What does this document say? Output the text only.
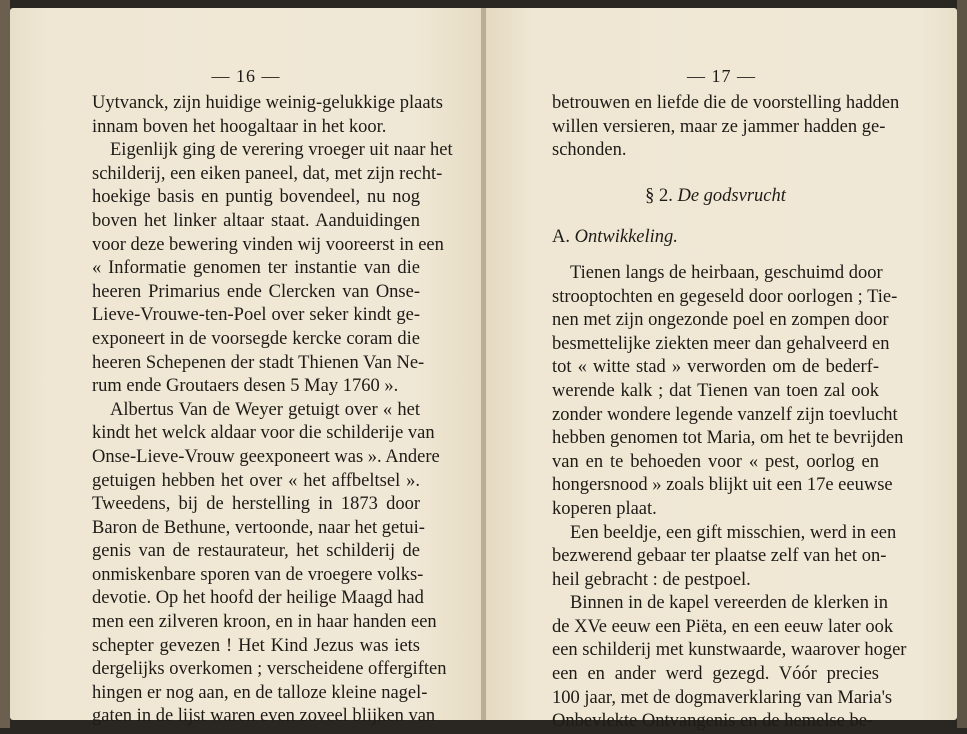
— 16 —

Uytvanck, zijn huidige weinig-gelukkige plaats
innam boven het hoogaltaar in het koor.

Eigenlijk ging de verering vroeger uit naar het
schilderij, een eiken paneel, dat, met zijn recht-
hoekige basis en puntig bovendeel, nu nog
boven het linker altaar staat. Aanduidingen
voor deze bewering vinden wij vooreerst in een
« Informatie genomen ter instantie van die
heeren Primarius ende Clercken van Onse-
Lieve-Vrouwe-ten-Poel over seker kindt ge-
exponeert in de voorsegde kercke coram die
heeren Schepenen der stadt Thienen Van Ne-
rum ende Groutaers desen 5 May 1760 ».

Albertus Van de Weyer getuigt over « het
kindt het welck aldaar voor die schilderije van
Onse-Lieve-Vrouw geexponeert was ». Andere
getuigen hebben het over « het affbeltsel ».
Tweedens, bij de herstelling in 1873 door
Baron de Bethune, vertoonde, naar het getui-
genis van de restaurateur, het schilderij de
onmiskenbare sporen van de vroegere volks-
devotie. Op het hoofd der heilige Maagd had
men een zilveren kroon, en in haar handen een
schepter gevezen ! Het Kind Jezus was iets
dergelijks overkomen ; verscheidene offergiften
hingen er nog aan, en de talloze kleine nagel-
gaten in de lijst waren even zoveel blijken van

— 17 —

betrouwen en liefde die de voorstelling hadden
willen versieren, maar ze jammer hadden ge-
schonden.

§ 2. De godsvrucht
A. Ontwikkeling.

Tienen langs de heirbaan, geschuimd door
strooptochten en gegeseld door oorlogen ; Tie-
nen met zijn ongezonde poel en zompen door
besmettelijke ziekten meer dan gehalveerd en
tot « witte stad » verworden om de bederf-
werende kalk ; dat Tienen van toen zal ook
zonder wondere legende vanzelf zijn toevlucht
hebben genomen tot Maria, om het te bevrijden
van en te behoeden voor « pest, oorlog en
hongersnood » zoals blijkt uit een 17e eeuwse
koperen plaat.

Een beeldje, een gift misschien, werd in een
bezwerend gebaar ter plaatse zelf van het on-
heil gebracht : de pestpoel.

Binnen in de kapel vereerden de klerken in
de XVe eeuw een Piëta, en een eeuw later ook
een schilderij met kunstwaarde, waarover hoger
een en ander werd gezegd. Vóór precies
100 jaar, met de dogmaverklaring van Maria's
Onbevlekte Ontvangenis en de hemelse be-
